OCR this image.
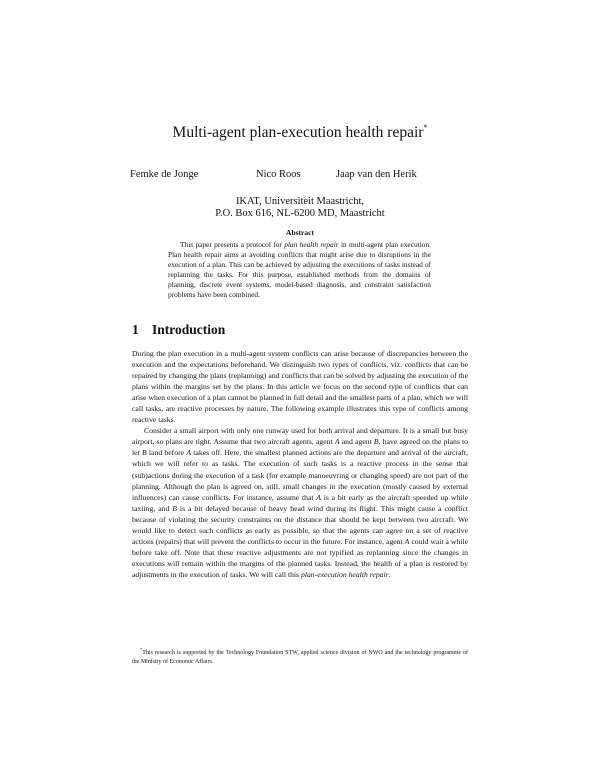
Multi-agent plan-execution health repair*
Femke de Jonge	Nico Roos	Jaap van den Herik
IKAT, Universiteit Maastricht,
P.O. Box 616, NL-6200 MD, Maastricht
Abstract
This paper presents a protocol for plan health repair in multi-agent plan execution. Plan health repair aims at avoiding conflicts that might arise due to disruptions in the execution of a plan. This can be achieved by adjusting the executions of tasks instead of replanning the tasks. For this purpose, established methods from the domains of planning, discrete event systems, model-based diagnosis, and constraint satisfaction problems have been combined.
1 Introduction

During the plan execution in a multi-agent system conflicts can arise because of discrepancies between the execution and the expectations beforehand. We distinguish two types of conflicts, viz. conflicts that can be repaired by changing the plans (replanning) and conflicts that can be solved by adjusting the execution of the plans within the margins set by the plans. In this article we focus on the second type of conflicts that can arise when execution of a plan cannot be planned in full detail and the smallest parts of a plan, which we will call tasks, are reactive processes by nature. The following example illustrates this type of conflicts among reactive tasks.

Consider a small airport with only one runway used for both arrival and departure. It is a small but busy airport, so plans are tight. Assume that two aircraft agents, agent A and agent B, have agreed on the plans to let B land before A takes off. Here, the smallest planned actions are the departure and arrival of the aircraft, which we will refer to as tasks. The execution of such tasks is a reactive process in the sense that (sub)actions during the execution of a task (for example manoeuvring or changing speed) are not part of the planning. Although the plan is agreed on, still, small changes in the execution (mostly caused by external influences) can cause conflicts. For instance, assume that A is a bit early as the aircraft speeded up while taxiing, and B is a bit delayed because of heavy head wind during its flight. This might cause a conflict because of violating the security constraints on the distance that should be kept between two aircraft. We would like to detect such conflicts as early as possible, so that the agents can agree on a set of reactive actions (repairs) that will prevent the conflicts to occur in the future. For instance, agent A could wait a while before take off. Note that these reactive adjustments are not typified as replanning since the changes in executions will remain within the margins of the planned tasks. Instead, the health of a plan is restored by adjustments in the execution of tasks. We will call this plan-execution health repair.

*This research is supported by the Technology Foundation STW, applied science division of NWO and the technology programme of the Ministry of Economic Affairs.
